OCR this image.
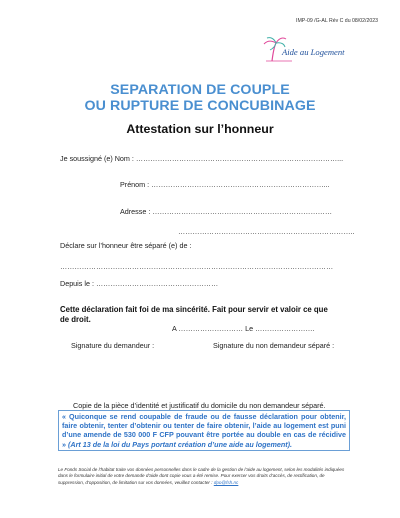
IMP-09 /G-AL Rév C du 08/02/2023
Aide au Logement
SEPARATION DE COUPLE
OU RUPTURE DE CONCUBINAGE
Attestation sur l’honneur
Je soussigné (e) Nom : …………………………………………………………………………...
Prénom : ………………………………………………………………...
Adresse : …………………………………………………………………
………………………………………………………………..
Déclare sur l’honneur être séparé (e) de :
……………………………………………………………………………………………………
Depuis le : ……………………………………………
Cette déclaration fait foi de ma sincérité. Fait pour servir et valoir ce que
de droit.
A ……………………… Le …………………….
Signature du demandeur :	Signature du non demandeur séparé :
Copie de la pièce d’identité et justificatif du domicile du non demandeur séparé.
« Quiconque se rend coupable de fraude ou de fausse déclaration pour obtenir, faire obtenir, tenter d’obtenir ou tenter de faire obtenir, l’aide au logement est puni d’une amende de 530 000 F CFP pouvant être portée au double en cas de récidive » (Art 13 de la loi du Pays portant création d’une aide au logement).
Le Fonds Social de l’habitat traite vos données personnelles dans le cadre de la gestion de l’aide au logement, selon les modalités indiquées dans le formulaire initial de votre demande d’aide dont copie vous a été remise. Pour exercer vos droits d’accès, de rectification, de suppression, d’opposition, de limitation sur vos données, veuillez contacter : dpo@fsh.nc
